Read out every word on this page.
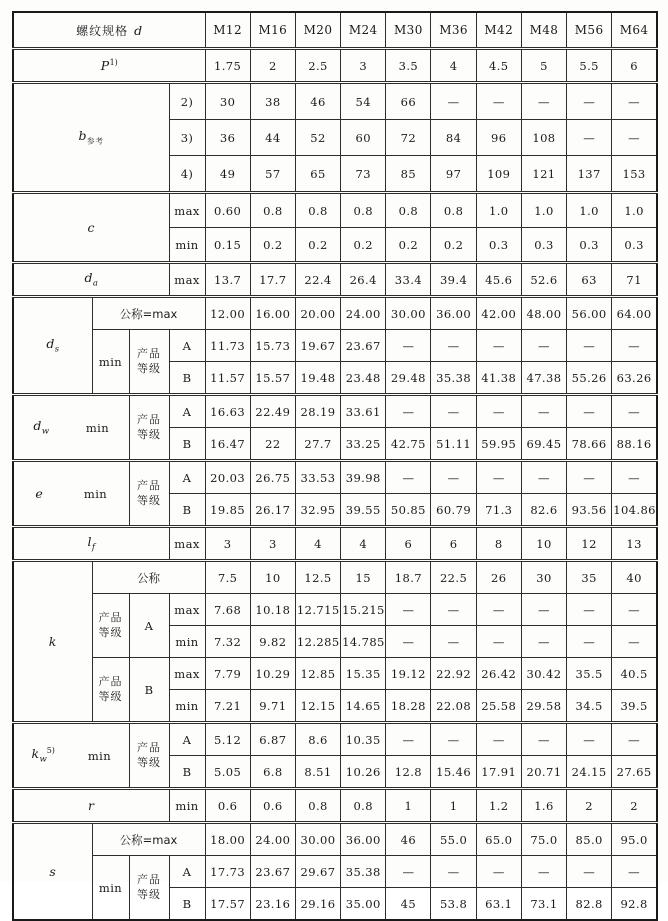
螺纹规格 d				M12	M16	M20	M24	M30	M36	M42	M48	M56	M64
$P^{1)}$				1.75	2	2.5	3	3.5	4	4.5	5	5.5	6
$b_{参考}$			2)	30	38	46	54	66	—	—	—	—	—
			3)	36	44	52	60	72	84	96	108	—	—
			4)	49	57	65	73	85	97	109	121	137	153
c			max	0.60	0.8	0.8	0.8	0.8	0.8	1.0	1.0	1.0	1.0
			min	0.15	0.2	0.2	0.2	0.2	0.2	0.3	0.3	0.3	0.3
$d_a$			max	13.7	17.7	22.4	26.4	33.4	39.4	45.6	52.6	63	71
$d_s$	公称=max			12.00	16.00	20.00	24.00	30.00	36.00	42.00	48.00	56.00	64.00
	min	产品
等级	A	11.73	15.73	19.67	23.67	—	—	—	—	—	—
			B	11.57	15.57	19.48	23.48	29.48	35.38	41.38	47.38	55.26	63.26

$d_w$ min		产品
等级	A	16.63	22.49	28.19	33.61	—	—	—	—	—	—
			B	16.47	22	27.7	33.25	42.75	51.11	59.95	69.45	78.66	88.16

e min		产品
等级	A	20.03	26.75	33.53	39.98	—	—	—	—	—	—
			B	19.85	26.17	32.95	39.55	50.85	60.79	71.3	82.6	93.56	104.86
$l_f$			max	3	3	4	4	6	6	8	10	12	13
k	公称			7.5	10	12.5	15	18.7	22.5	26	30	35	40

	产品
等级	A	max	7.68	10.18	12.715	15.215	—	—	—	—	—	—
			min	7.32	9.82	12.285	14.785	—	—	—	—	—	—

	产品
等级	B	max	7.79	10.29	12.85	15.35	19.12	22.92	26.42	30.42	35.5	40.5
			min	7.21	9.71	12.15	14.65	18.28	22.08	25.58	29.58	34.5	39.5

$k_w^{5)}$ min		产品
等级	A	5.12	6.87	8.6	10.35	—	—	—	—	—	—
			B	5.05	6.8	8.51	10.26	12.8	15.46	17.91	20.71	24.15	27.65
r			min	0.6	0.6	0.8	0.8	1	1	1.2	1.6	2	2
s	公称=max			18.00	24.00	30.00	36.00	46	55.0	65.0	75.0	85.0	95.0
	min	产品
等级	A	17.73	23.67	29.67	35.38	—	—	—	—	—	—
			B	17.57	23.16	29.16	35.00	45	53.8	63.1	73.1	82.8	92.8
